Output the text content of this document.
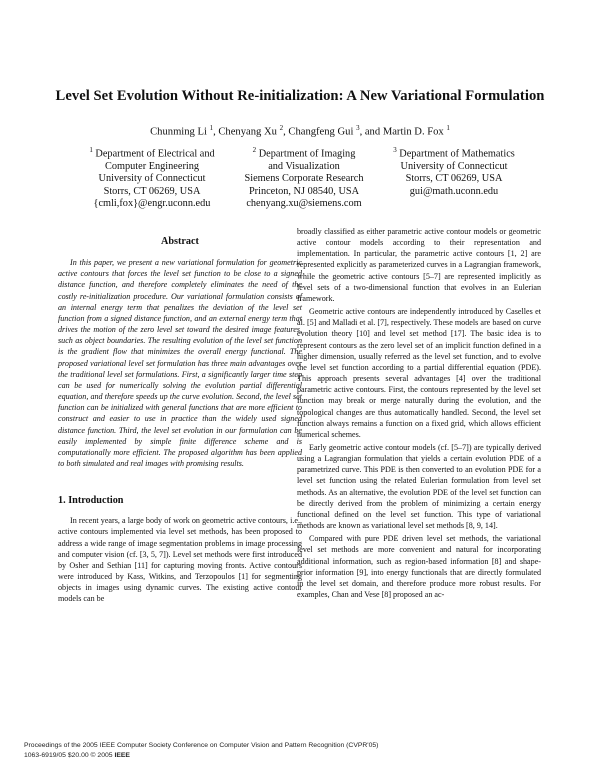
Level Set Evolution Without Re-initialization: A New Variational Formulation
Chunming Li $^1$, Chenyang Xu $^2$, Changfeng Gui $^3$, and Martin D. Fox $^1$
$^1$ Department of Electrical and
Computer Engineering
University of Connecticut
Storrs, CT 06269, USA
{cmli,fox}@engr.uconn.edu
$^2$ Department of Imaging
and Visualization
Siemens Corporate Research
Princeton, NJ 08540, USA
chenyang.xu@siemens.com
$^3$ Department of Mathematics
University of Connecticut
Storrs, CT 06269, USA
gui@math.uconn.edu
Abstract

In this paper, we present a new variational formulation for geometric active contours that forces the level set function to be close to a signed distance function, and therefore completely eliminates the need of the costly re-initialization procedure. Our variational formulation consists of an internal energy term that penalizes the deviation of the level set function from a signed distance function, and an external energy term that drives the motion of the zero level set toward the desired image features, such as object boundaries. The resulting evolution of the level set function is the gradient flow that minimizes the overall energy functional. The proposed variational level set formulation has three main advantages over the traditional level set formulations. First, a significantly larger time step can be used for numerically solving the evolution partial differential equation, and therefore speeds up the curve evolution. Second, the level set function can be initialized with general functions that are more efficient to construct and easier to use in practice than the widely used signed distance function. Third, the level set evolution in our formulation can be easily implemented by simple finite difference scheme and is computationally more efficient. The proposed algorithm has been applied to both simulated and real images with promising results.

1. Introduction

In recent years, a large body of work on geometric active contours, i.e., active contours implemented via level set methods, has been proposed to address a wide range of image segmentation problems in image processing and computer vision (cf. [3, 5, 7]). Level set methods were first introduced by Osher and Sethian [11] for capturing moving fronts. Active contours were introduced by Kass, Witkins, and Terzopoulos [1] for segmenting objects in images using dynamic curves. The existing active contour models can be

broadly classified as either parametric active contour models or geometric active contour models according to their representation and implementation. In particular, the parametric active contours [1, 2] are represented explicitly as parameterized curves in a Lagrangian framework, while the geometric active contours [5–7] are represented implicitly as level sets of a two-dimensional function that evolves in an Eulerian framework.

Geometric active contours are independently introduced by Caselles et al. [5] and Malladi et al. [7], respectively. These models are based on curve evolution theory [10] and level set method [17]. The basic idea is to represent contours as the zero level set of an implicit function defined in a higher dimension, usually referred as the level set function, and to evolve the level set function according to a partial differential equation (PDE). This approach presents several advantages [4] over the traditional parametric active contours. First, the contours represented by the level set function may break or merge naturally during the evolution, and the topological changes are thus automatically handled. Second, the level set function always remains a function on a fixed grid, which allows efficient numerical schemes.

Early geometric active contour models (cf. [5–7]) are typically derived using a Lagrangian formulation that yields a certain evolution PDE of a parametrized curve. This PDE is then converted to an evolution PDE for a level set function using the related Eulerian formulation from level set methods. As an alternative, the evolution PDE of the level set function can be directly derived from the problem of minimizing a certain energy functional defined on the level set function. This type of variational methods are known as variational level set methods [8, 9, 14].

Compared with pure PDE driven level set methods, the variational level set methods are more convenient and natural for incorporating additional information, such as region-based information [8] and shape-prior information [9], into energy functionals that are directly formulated in the level set domain, and therefore produce more robust results. For examples, Chan and Vese [8] proposed an ac-

Proceedings of the 2005 IEEE Computer Society Conference on Computer Vision and Pattern Recognition (CVPR'05)
1063-6919/05 $20.00 © 2005 IEEE
